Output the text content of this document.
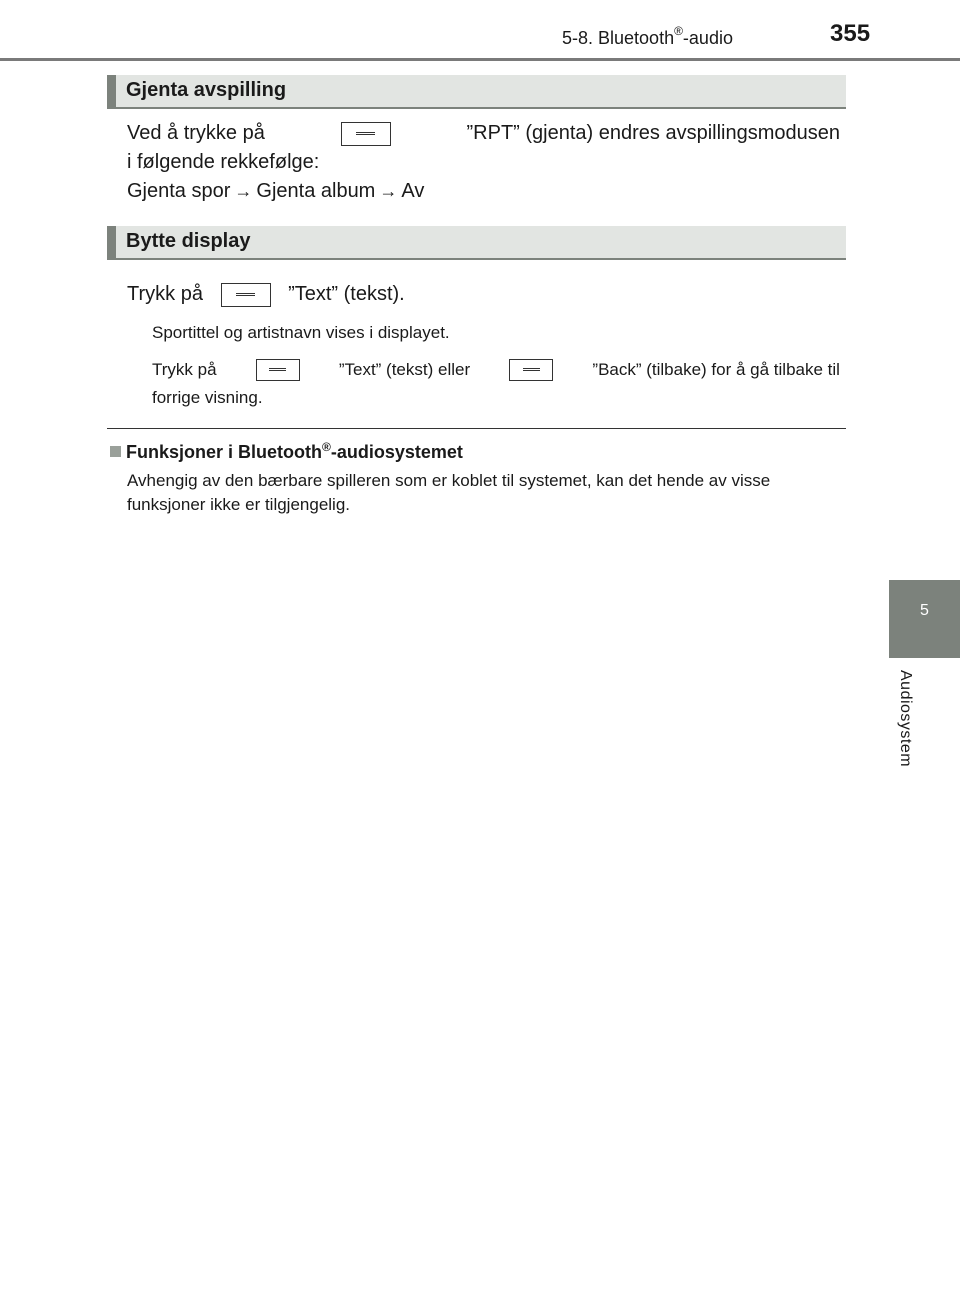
5-8. Bluetooth®-audio	355
5
Audiosystem
Gjenta avspilling
Ved å trykke på	”RPT” (gjenta) endres avspillingsmodusen
i følgende rekkefølge:
Gjenta spor → Gjenta album → Av
Bytte display
Trykk på	”Text” (tekst).
Sportittel og artistnavn vises i displayet.
Trykk på	”Text” (tekst) eller	”Back” (tilbake) for å gå tilbake til
forrige visning.
Funksjoner i Bluetooth®-audiosystemet
Avhengig av den bærbare spilleren som er koblet til systemet, kan det hende av visse funksjoner ikke er tilgjengelig.
